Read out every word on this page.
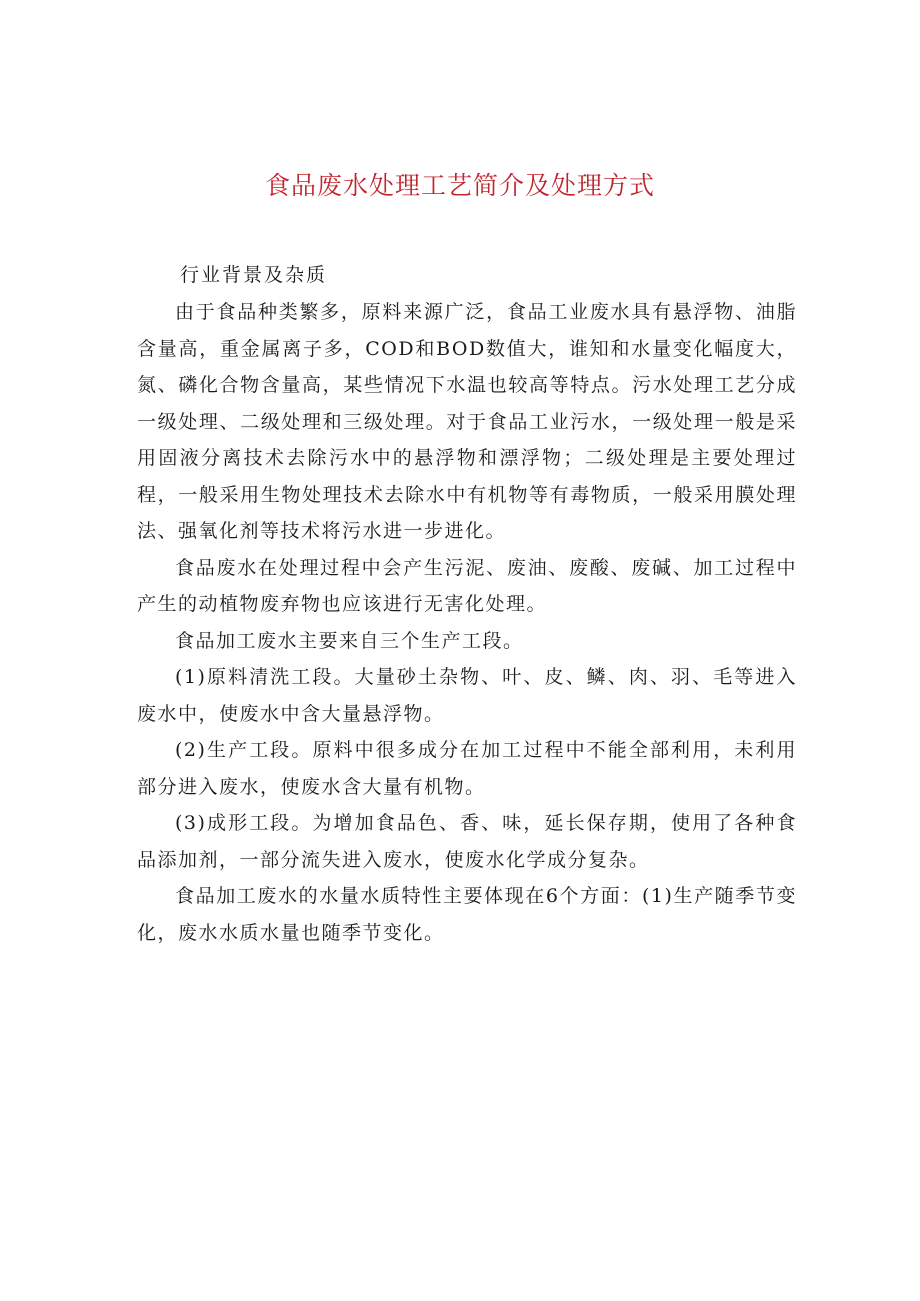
食品废水处理工艺简介及处理方式
行业背景及杂质

由于食品种类繁多，原料来源广泛，食品工业废水具有悬浮物、油脂含量高，重金属离子多，COD和BOD数值大，谁知和水量变化幅度大，氮、磷化合物含量高，某些情况下水温也较高等特点。污水处理工艺分成一级处理、二级处理和三级处理。对于食品工业污水，一级处理一般是采用固液分离技术去除污水中的悬浮物和漂浮物；二级处理是主要处理过程，一般采用生物处理技术去除水中有机物等有毒物质，一般采用膜处理法、强氧化剂等技术将污水进一步进化。

食品废水在处理过程中会产生污泥、废油、废酸、废碱、加工过程中产生的动植物废弃物也应该进行无害化处理。

食品加工废水主要来自三个生产工段。

(1)原料清洗工段。大量砂土杂物、叶、皮、鳞、肉、羽、毛等进入废水中，使废水中含大量悬浮物。

(2)生产工段。原料中很多成分在加工过程中不能全部利用，未利用部分进入废水，使废水含大量有机物。

(3)成形工段。为增加食品色、香、味，延长保存期，使用了各种食品添加剂，一部分流失进入废水，使废水化学成分复杂。

食品加工废水的水量水质特性主要体现在6个方面：(1)生产随季节变化，废水水质水量也随季节变化。
